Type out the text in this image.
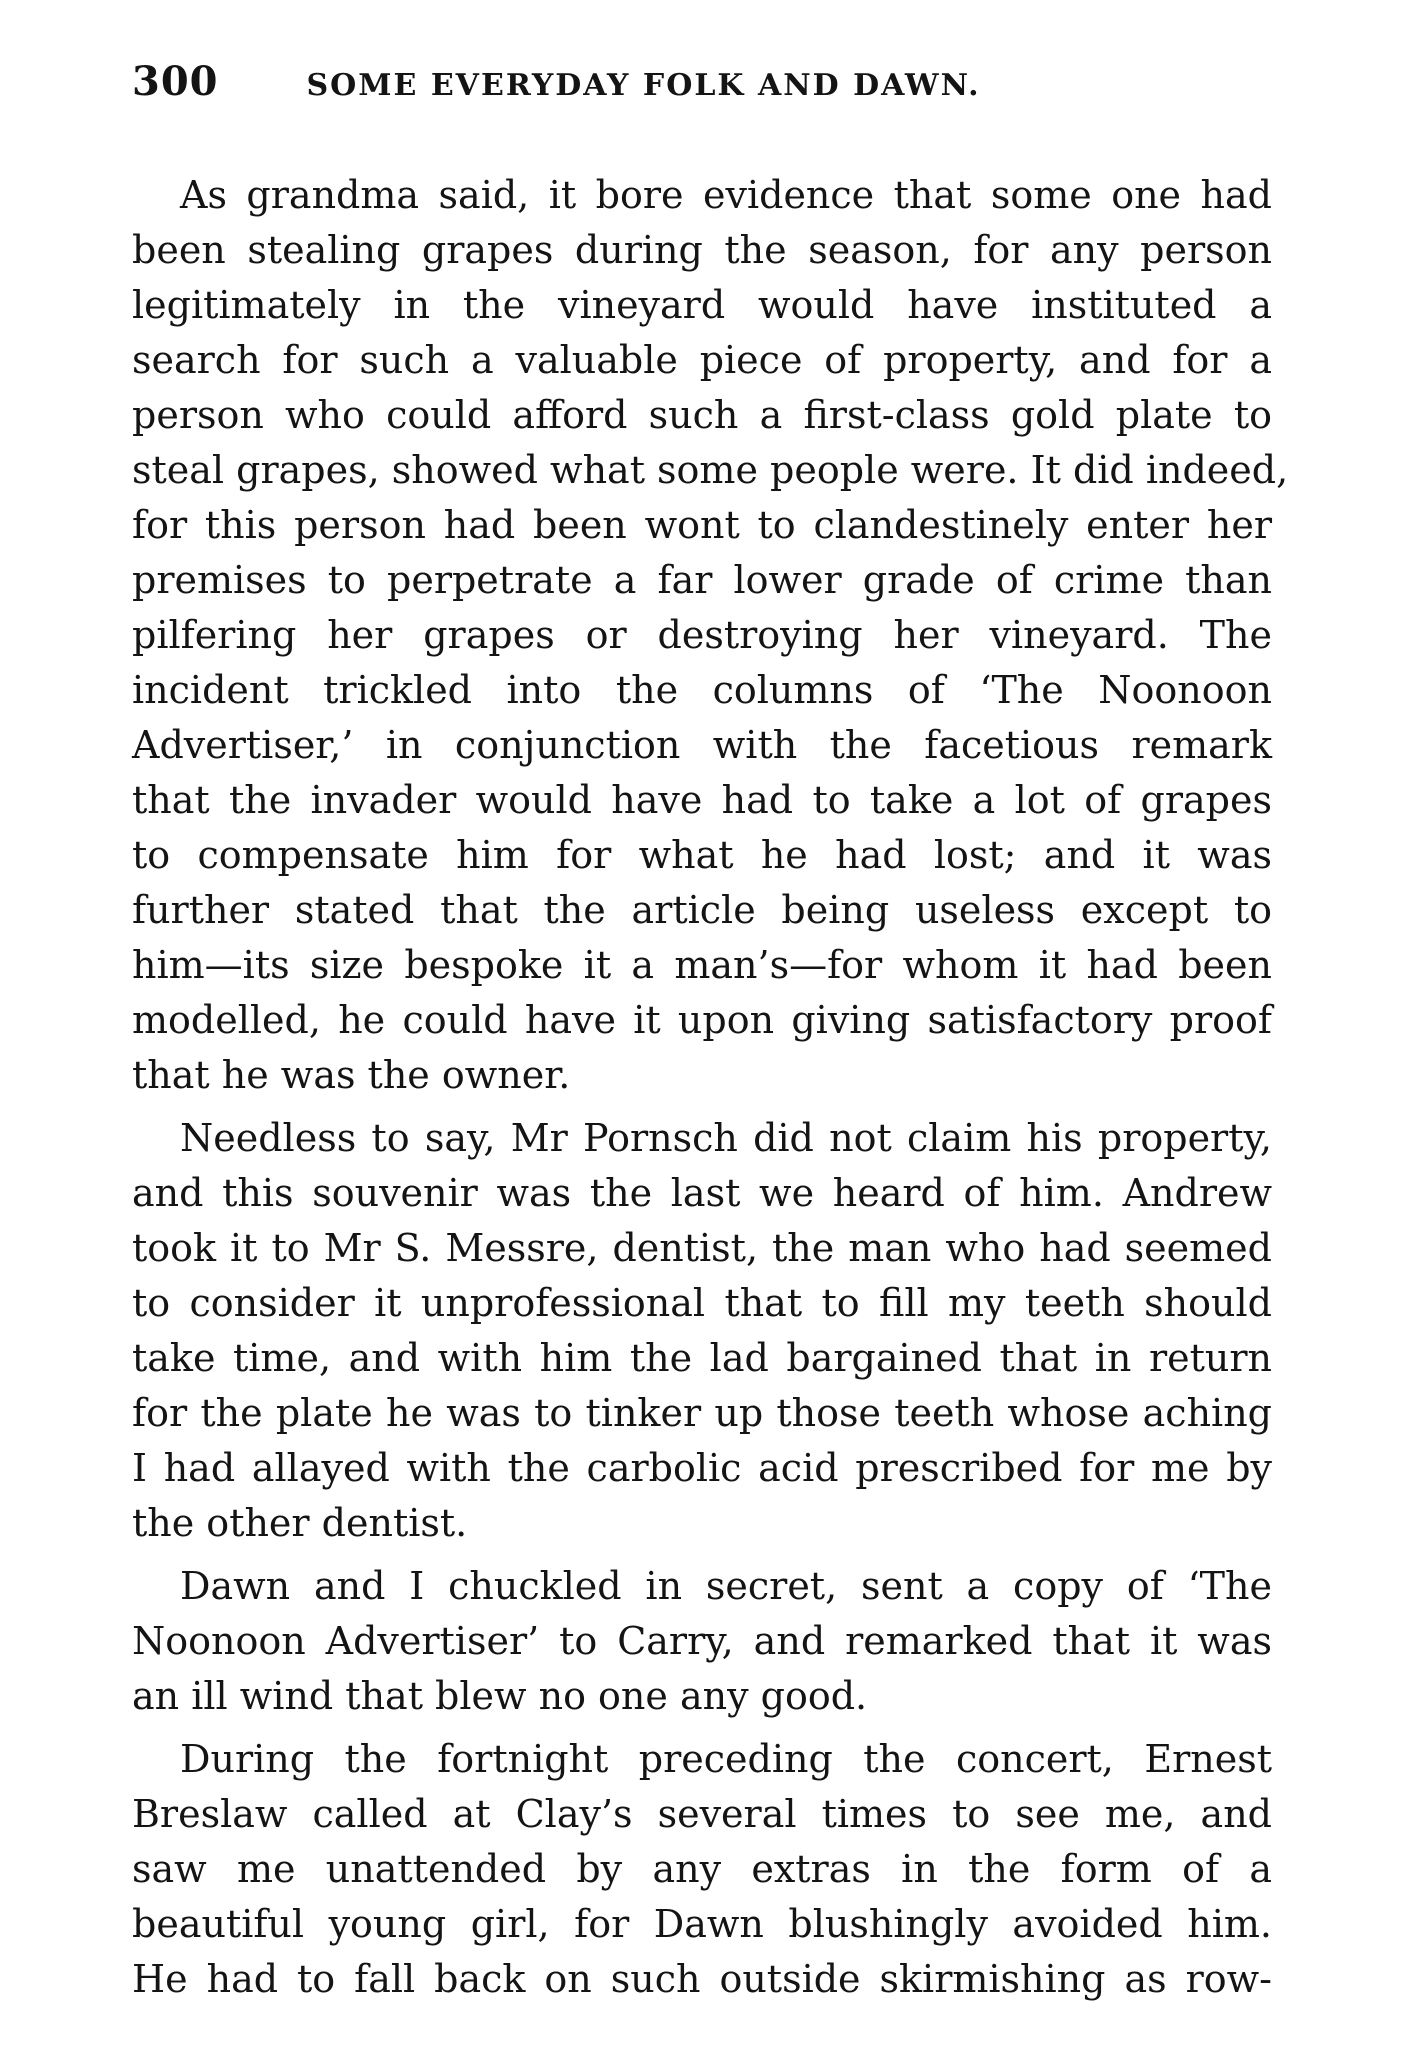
300	SOME EVERYDAY FOLK AND DAWN.
As grandma said, it bore evidence that some one had
been stealing grapes during the season, for any person
legitimately in the vineyard would have instituted a
search for such a valuable piece of property, and for a
person who could afford such a first-class gold plate to
steal grapes, showed what some people were. It did indeed,
for this person had been wont to clandestinely enter her
premises to perpetrate a far lower grade of crime than
pilfering her grapes or destroying her vineyard. The
incident trickled into the columns of ‘The Noonoon
Advertiser,’ in conjunction with the facetious remark
that the invader would have had to take a lot of grapes
to compensate him for what he had lost; and it was
further stated that the article being useless except to
him—its size bespoke it a man’s—for whom it had been
modelled, he could have it upon giving satisfactory proof
that he was the owner.
Needless to say, Mr Pornsch did not claim his property,
and this souvenir was the last we heard of him. Andrew
took it to Mr S. Messre, dentist, the man who had seemed
to consider it unprofessional that to fill my teeth should
take time, and with him the lad bargained that in return
for the plate he was to tinker up those teeth whose aching
I had allayed with the carbolic acid prescribed for me by
the other dentist.
Dawn and I chuckled in secret, sent a copy of ‘The
Noonoon Advertiser’ to Carry, and remarked that it was
an ill wind that blew no one any good.
During the fortnight preceding the concert, Ernest
Breslaw called at Clay’s several times to see me, and
saw me unattended by any extras in the form of a
beautiful young girl, for Dawn blushingly avoided him.
He had to fall back on such outside skirmishing as row-
